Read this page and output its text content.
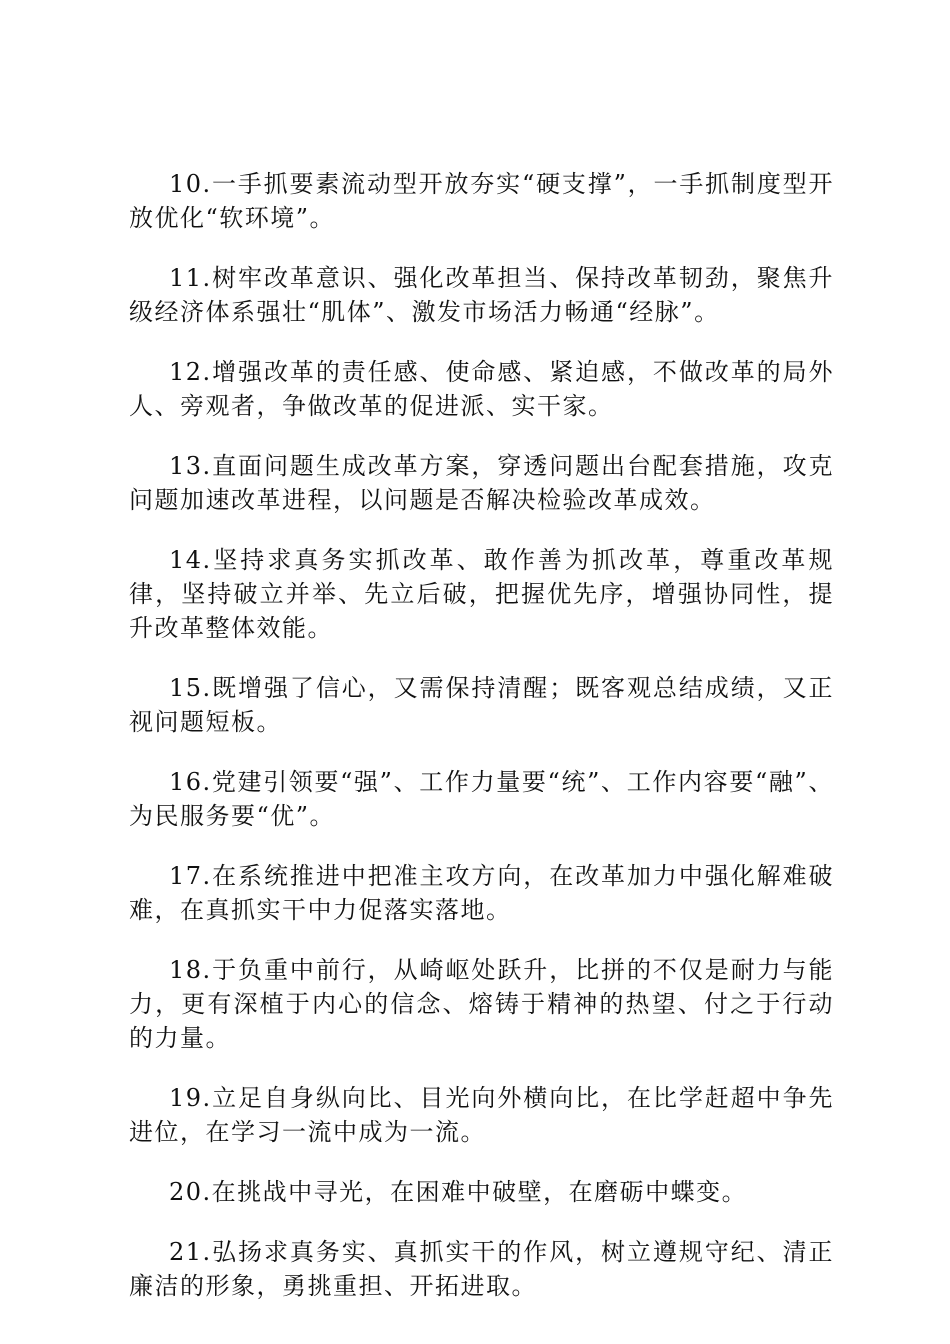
10.一手抓要素流动型开放夯实“硬支撑”，一手抓制度型开放优化“软环境”。

11.树牢改革意识、强化改革担当、保持改革韧劲，聚焦升级经济体系强壮“肌体”、激发市场活力畅通“经脉”。

12.增强改革的责任感、使命感、紧迫感，不做改革的局外人、旁观者，争做改革的促进派、实干家。

13.直面问题生成改革方案，穿透问题出台配套措施，攻克问题加速改革进程，以问题是否解决检验改革成效。

14.坚持求真务实抓改革、敢作善为抓改革，尊重改革规律，坚持破立并举、先立后破，把握优先序，增强协同性，提升改革整体效能。

15.既增强了信心，又需保持清醒；既客观总结成绩，又正视问题短板。

16.党建引领要“强”、工作力量要“统”、工作内容要“融”、为民服务要“优”。

17.在系统推进中把准主攻方向，在改革加力中强化解难破难，在真抓实干中力促落实落地。

18.于负重中前行，从崎岖处跃升，比拼的不仅是耐力与能力，更有深植于内心的信念、熔铸于精神的热望、付之于行动的力量。

19.立足自身纵向比、目光向外横向比，在比学赶超中争先进位，在学习一流中成为一流。

20.在挑战中寻光，在困难中破壁，在磨砺中蝶变。

21.弘扬求真务实、真抓实干的作风，树立遵规守纪、清正廉洁的形象，勇挑重担、开拓进取。
